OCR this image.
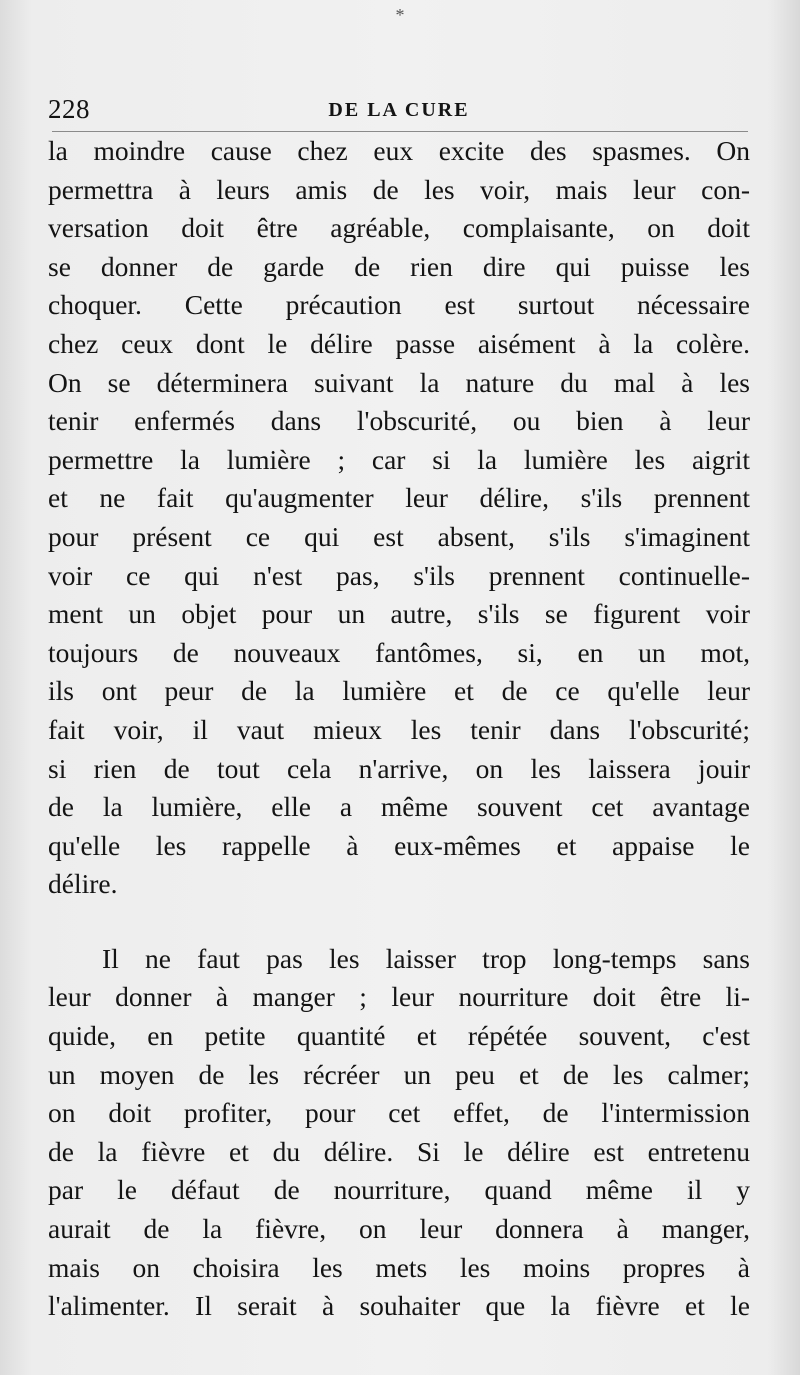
*
228	DE LA CURE
la moindre cause chez eux excite des spasmes. On
permettra à leurs amis de les voir, mais leur con-
versation doit être agréable, complaisante, on doit
se donner de garde de rien dire qui puisse les
choquer. Cette précaution est surtout nécessaire
chez ceux dont le délire passe aisément à la colère.
On se déterminera suivant la nature du mal à les
tenir enfermés dans l'obscurité, ou bien à leur
permettre la lumière ; car si la lumière les aigrit
et ne fait qu'augmenter leur délire, s'ils prennent
pour présent ce qui est absent, s'ils s'imaginent
voir ce qui n'est pas, s'ils prennent continuelle-
ment un objet pour un autre, s'ils se figurent voir
toujours de nouveaux fantômes, si, en un mot,
ils ont peur de la lumière et de ce qu'elle leur
fait voir, il vaut mieux les tenir dans l'obscurité;
si rien de tout cela n'arrive, on les laissera jouir
de la lumière, elle a même souvent cet avantage
qu'elle les rappelle à eux-mêmes et appaise le
délire.
Il ne faut pas les laisser trop long-temps sans
leur donner à manger ; leur nourriture doit être li-
quide, en petite quantité et répétée souvent, c'est
un moyen de les récréer un peu et de les calmer;
on doit profiter, pour cet effet, de l'intermission
de la fièvre et du délire. Si le délire est entretenu
par le défaut de nourriture, quand même il y
aurait de la fièvre, on leur donnera à manger,
mais on choisira les mets les moins propres à
l'alimenter. Il serait à souhaiter que la fièvre et le
